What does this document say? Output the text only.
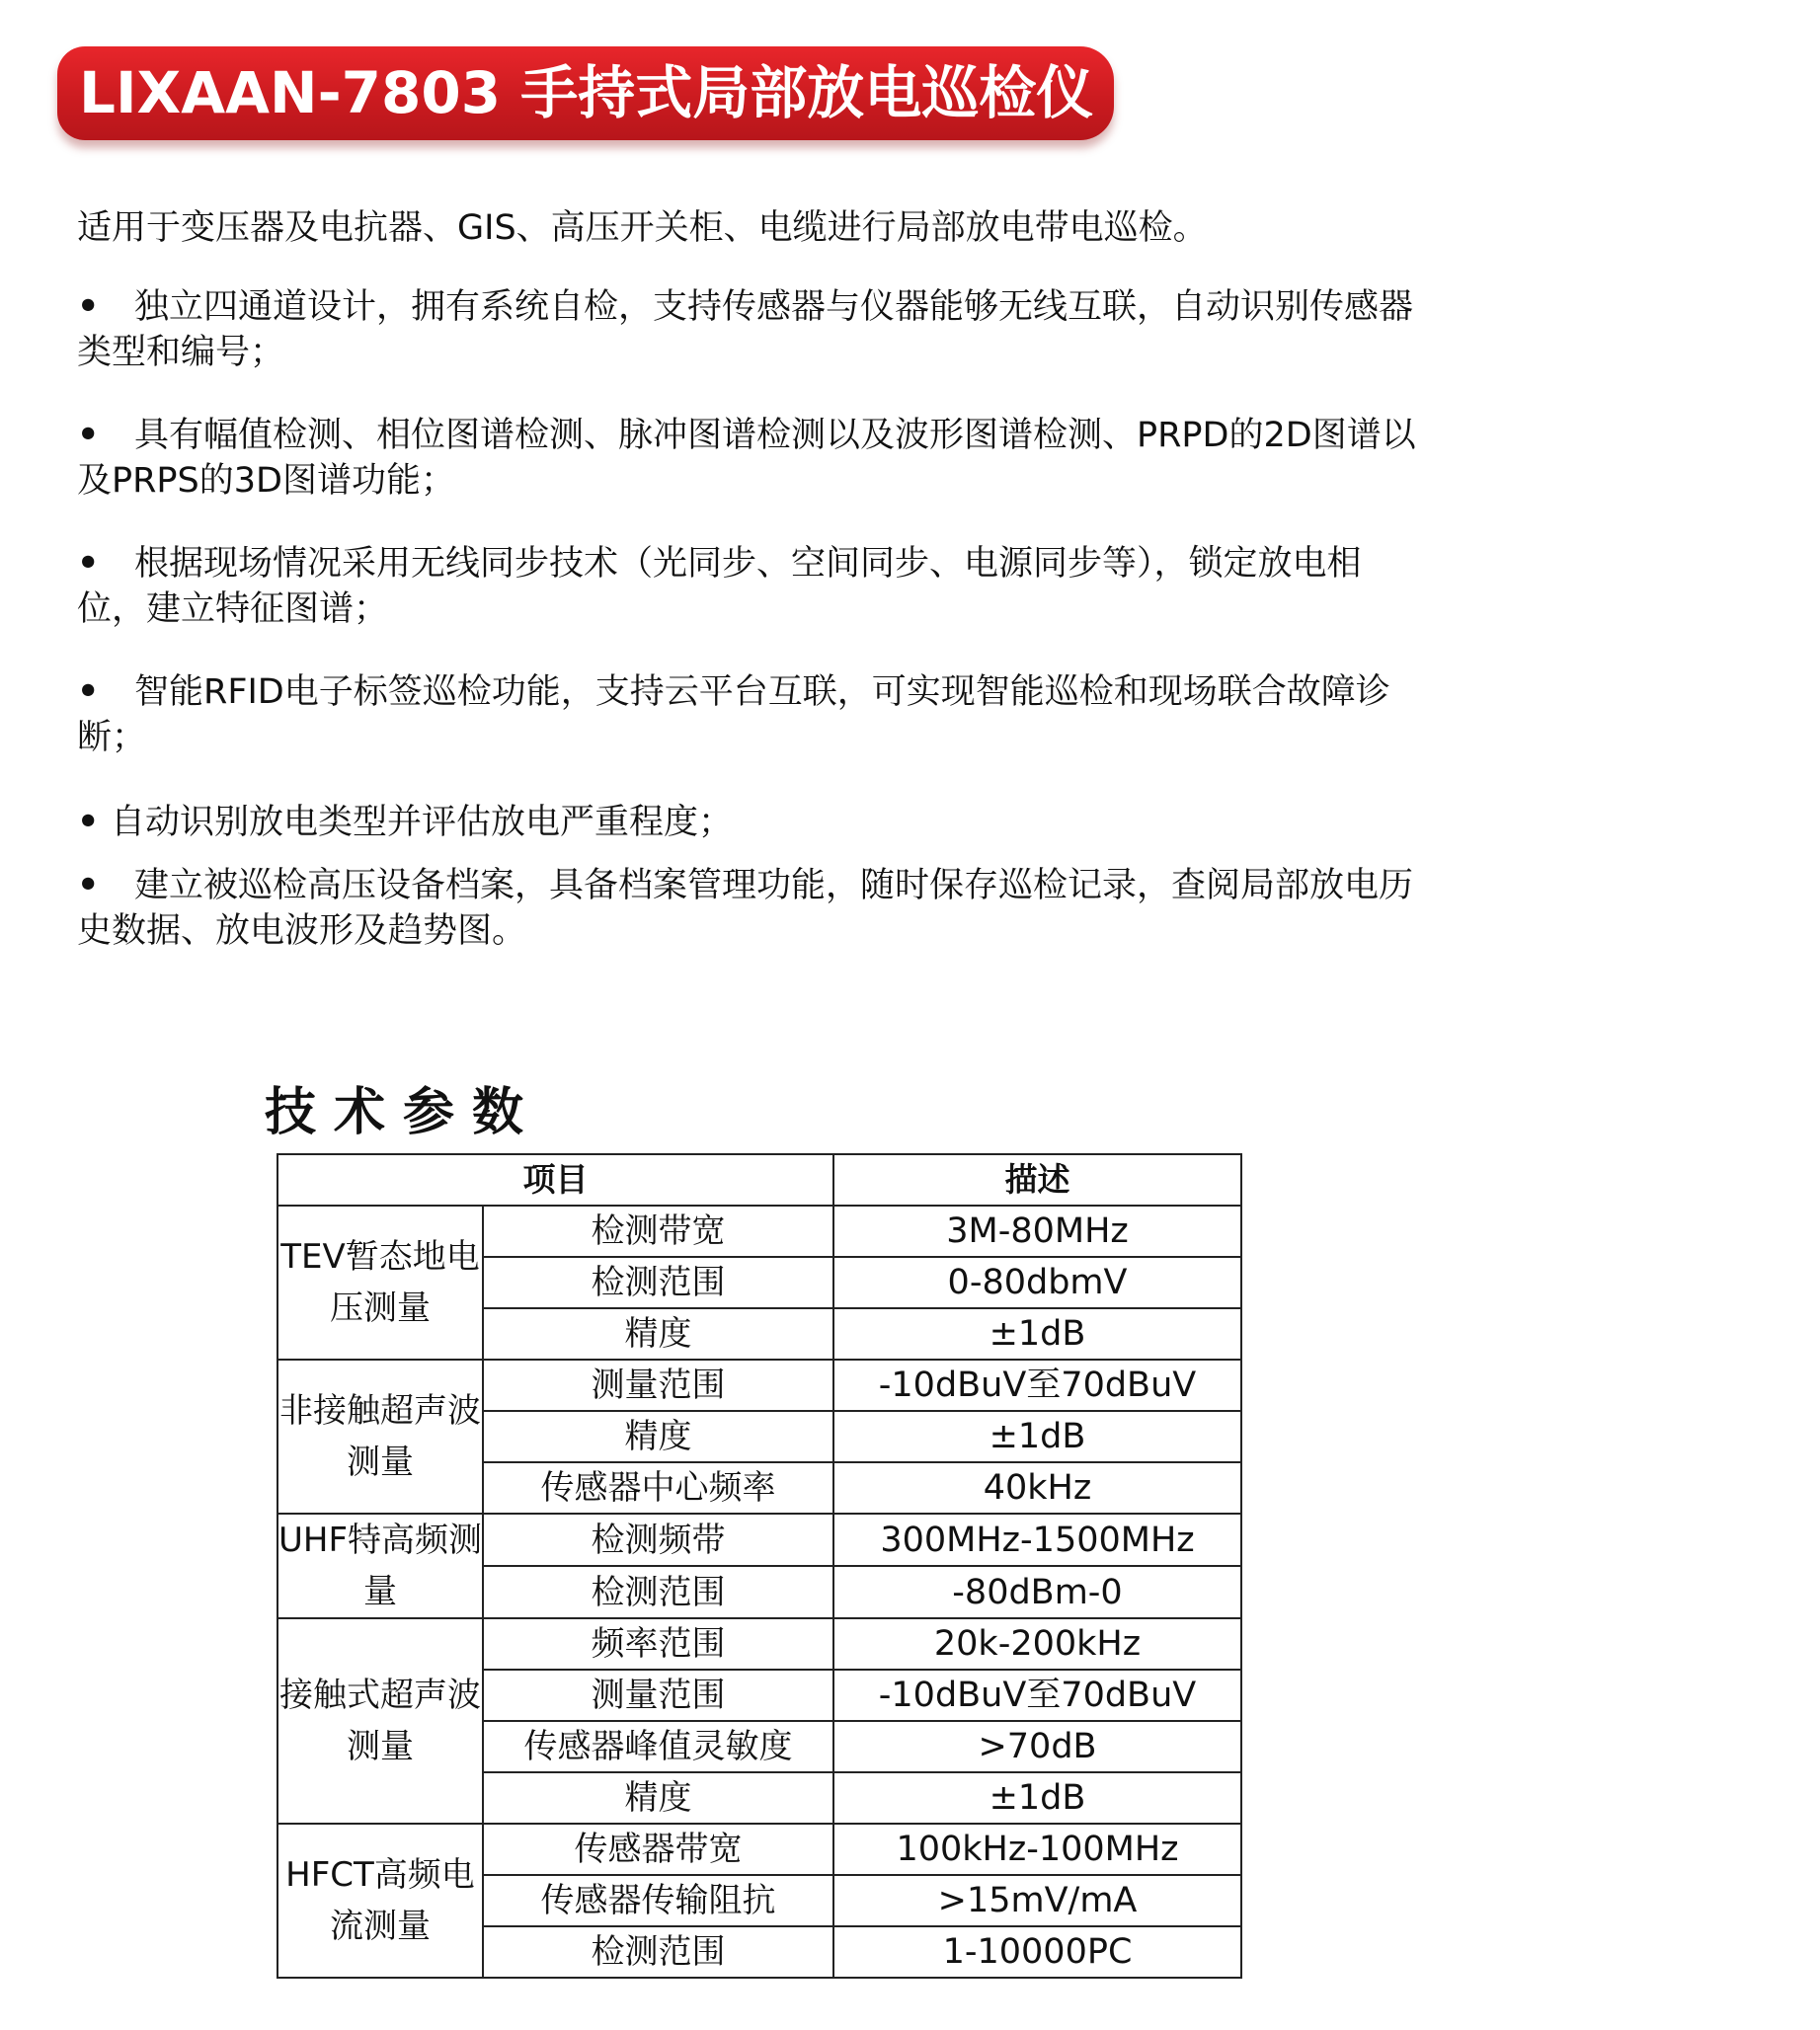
LIXAAN-7803 手持式局部放电巡检仪
适用于变压器及电抗器、GIS、高压开关柜、电缆进行局部放电带电巡检。
• 独立四通道设计，拥有系统自检，支持传感器与仪器能够无线互联，自动识别传感器类型和编号；
• 具有幅值检测、相位图谱检测、脉冲图谱检测以及波形图谱检测、PRPD的2D图谱以及PRPS的3D图谱功能；
• 根据现场情况采用无线同步技术（光同步、空间同步、电源同步等），锁定放电相位，建立特征图谱；
• 智能RFID电子标签巡检功能，支持云平台互联，可实现智能巡检和现场联合故障诊断；
• 自动识别放电类型并评估放电严重程度；
• 建立被巡检高压设备档案，具备档案管理功能，随时保存巡检记录，查阅局部放电历史数据、放电波形及趋势图。
技术参数
项目		描述
TEV暂态地电压测量	检测带宽	3M-80MHz
	检测范围	0-80dbmV
	精度	±1dB
非接触超声波测量	测量范围	-10dBuV至70dBuV
	精度	±1dB
	传感器中心频率	40kHz
UHF特高频测量	检测频带	300MHz-1500MHz
	检测范围	-80dBm-0
接触式超声波测量	频率范围	20k-200kHz
	测量范围	-10dBuV至70dBuV
	传感器峰值灵敏度	>70dB
	精度	±1dB
HFCT高频电流测量	传感器带宽	100kHz-100MHz
	传感器传输阻抗	>15mV/mA
	检测范围	1-10000PC
